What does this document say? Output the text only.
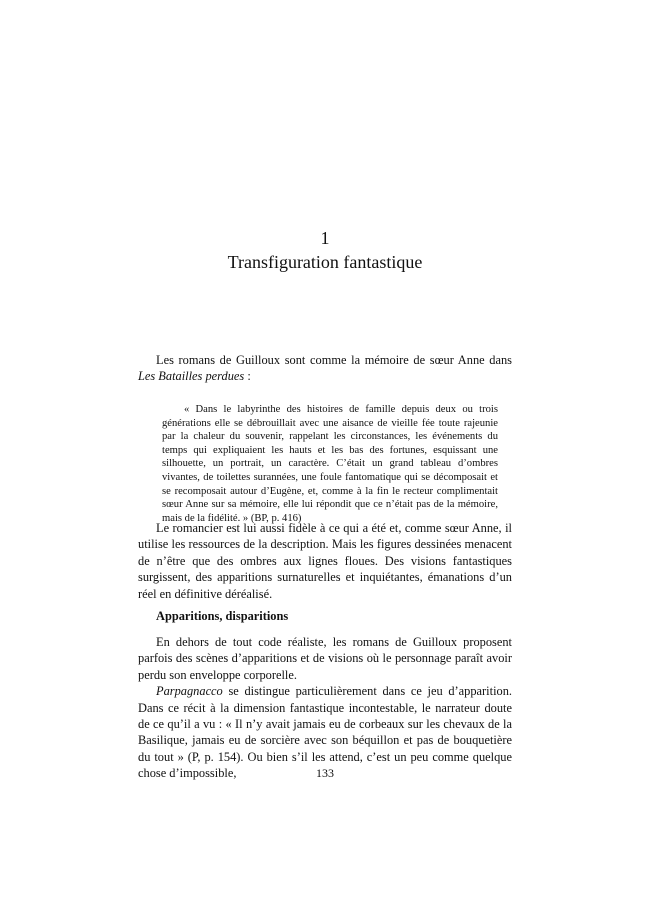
1
Transfiguration fantastique

Les romans de Guilloux sont comme la mémoire de sœur Anne dans Les Batailles perdues :

« Dans le labyrinthe des histoires de famille depuis deux ou trois générations elle se débrouillait avec une aisance de vieille fée toute rajeunie par la chaleur du souvenir, rappelant les circonstances, les événements du temps qui expliquaient les hauts et les bas des fortunes, esquissant une silhouette, un portrait, un caractère. C’était un grand tableau d’ombres vivantes, de toilettes surannées, une foule fantomatique qui se décomposait et se recomposait autour d’Eugène, et, comme à la fin le recteur complimentait sœur Anne sur sa mémoire, elle lui répondit que ce n’était pas de la mémoire, mais de la fidélité. » (BP, p. 416)

Le romancier est lui aussi fidèle à ce qui a été et, comme sœur Anne, il utilise les ressources de la description. Mais les figures dessinées menacent de n’être que des ombres aux lignes floues. Des visions fantastiques surgissent, des apparitions surnaturelles et inquiétantes, émanations d’un réel en définitive déréalisé.

Apparitions, disparitions

En dehors de tout code réaliste, les romans de Guilloux proposent parfois des scènes d’apparitions et de visions où le personnage paraît avoir perdu son enveloppe corporelle.

Parpagnacco se distingue particulièrement dans ce jeu d’apparition. Dans ce récit à la dimension fantastique incontestable, le narrateur doute de ce qu’il a vu : « Il n’y avait jamais eu de corbeaux sur les chevaux de la Basilique, jamais eu de sorcière avec son béquillon et pas de bouquetière du tout » (P, p. 154). Ou bien s’il les attend, c’est un peu comme quelque chose d’impossible,	133
